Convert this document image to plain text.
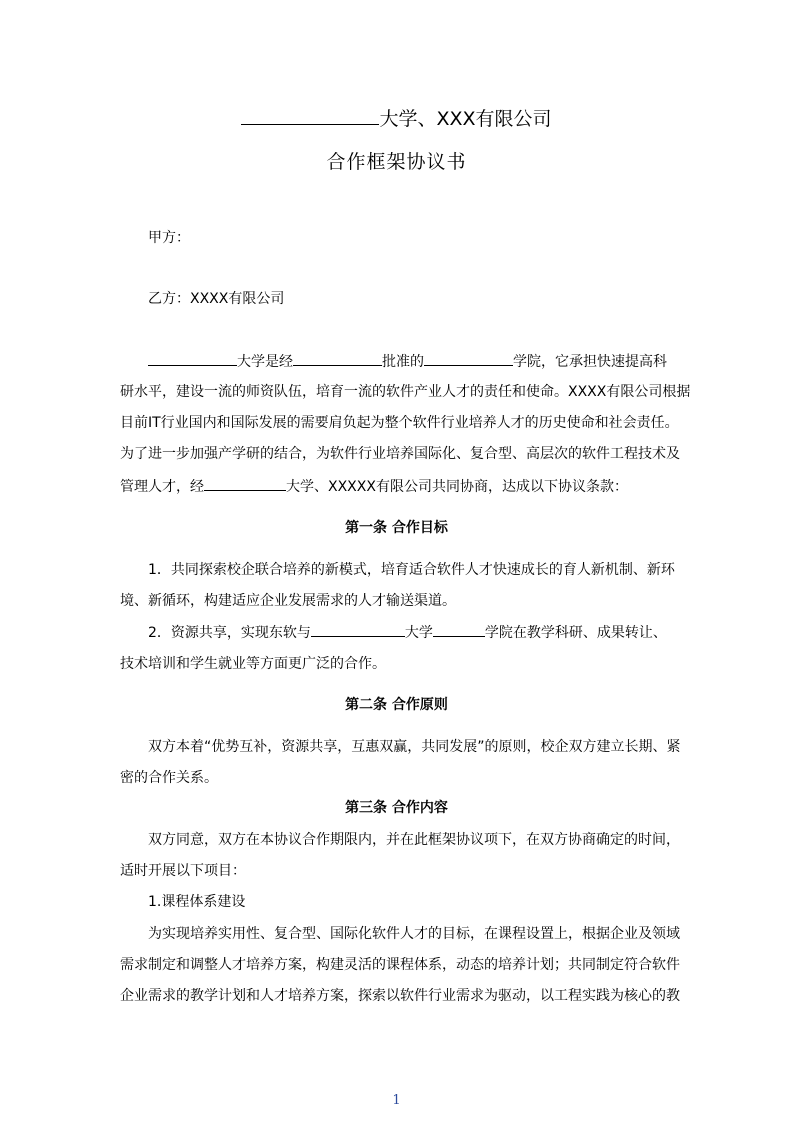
大学、XXX有限公司
合作框架协议书
甲方：
乙方：XXXX有限公司
大学是经	批准的	学院，它承担快速提高科
研水平，建设一流的师资队伍，培育一流的软件产业人才的责任和使命。XXXX有限公司根据
目前IT行业国内和国际发展的需要肩负起为整个软件行业培养人才的历史使命和社会责任。
为了进一步加强产学研的结合，为软件行业培养国际化、复合型、高层次的软件工程技术及
管理人才，经	大学、XXXXX有限公司共同协商，达成以下协议条款：
第一条 合作目标
1．共同探索校企联合培养的新模式，培育适合软件人才快速成长的育人新机制、新环
境、新循环，构建适应企业发展需求的人才输送渠道。
2．资源共享，实现东软与	大学	学院在教学科研、成果转让、
技术培训和学生就业等方面更广泛的合作。
第二条 合作原则
双方本着“优势互补，资源共享，互惠双赢，共同发展”的原则，校企双方建立长期、紧
密的合作关系。
第三条 合作内容
双方同意，双方在本协议合作期限内，并在此框架协议项下，在双方协商确定的时间，
适时开展以下项目：
1.课程体系建设
为实现培养实用性、复合型、国际化软件人才的目标，在课程设置上，根据企业及领域
需求制定和调整人才培养方案，构建灵活的课程体系，动态的培养计划；共同制定符合软件
企业需求的教学计划和人才培养方案，探索以软件行业需求为驱动，以工程实践为核心的教
1
